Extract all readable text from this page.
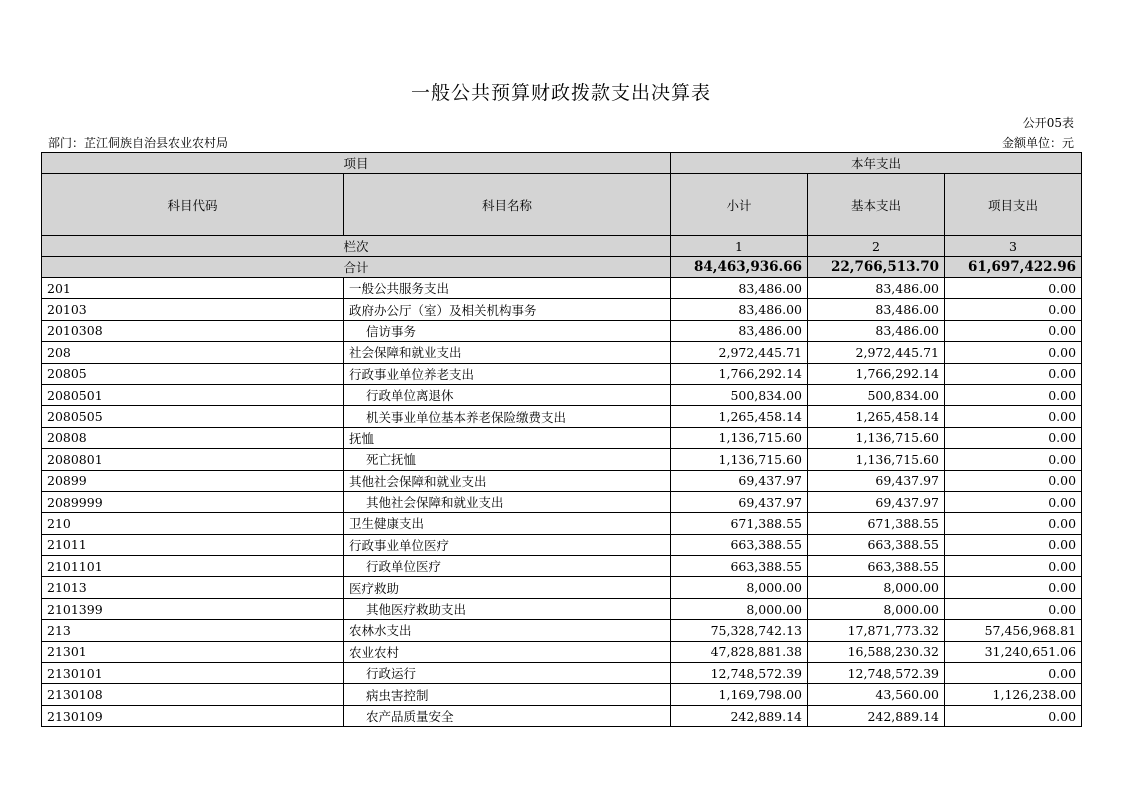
一般公共预算财政拨款支出决算表
公开05表
部门：芷江侗族自治县农业农村局	金额单位：元
项目		本年支出		
科目代码	科目名称	小计	基本支出	项目支出
栏次		1	2	3
合计		84,463,936.66	22,766,513.70	61,697,422.96
201	一般公共服务支出	83,486.00	83,486.00	0.00
20103	政府办公厅（室）及相关机构事务	83,486.00	83,486.00	0.00
2010308	信访事务	83,486.00	83,486.00	0.00
208	社会保障和就业支出	2,972,445.71	2,972,445.71	0.00
20805	行政事业单位养老支出	1,766,292.14	1,766,292.14	0.00
2080501	行政单位离退休	500,834.00	500,834.00	0.00
2080505	机关事业单位基本养老保险缴费支出	1,265,458.14	1,265,458.14	0.00
20808	抚恤	1,136,715.60	1,136,715.60	0.00
2080801	死亡抚恤	1,136,715.60	1,136,715.60	0.00
20899	其他社会保障和就业支出	69,437.97	69,437.97	0.00
2089999	其他社会保障和就业支出	69,437.97	69,437.97	0.00
210	卫生健康支出	671,388.55	671,388.55	0.00
21011	行政事业单位医疗	663,388.55	663,388.55	0.00
2101101	行政单位医疗	663,388.55	663,388.55	0.00
21013	医疗救助	8,000.00	8,000.00	0.00
2101399	其他医疗救助支出	8,000.00	8,000.00	0.00
213	农林水支出	75,328,742.13	17,871,773.32	57,456,968.81
21301	农业农村	47,828,881.38	16,588,230.32	31,240,651.06
2130101	行政运行	12,748,572.39	12,748,572.39	0.00
2130108	病虫害控制	1,169,798.00	43,560.00	1,126,238.00
2130109	农产品质量安全	242,889.14	242,889.14	0.00
